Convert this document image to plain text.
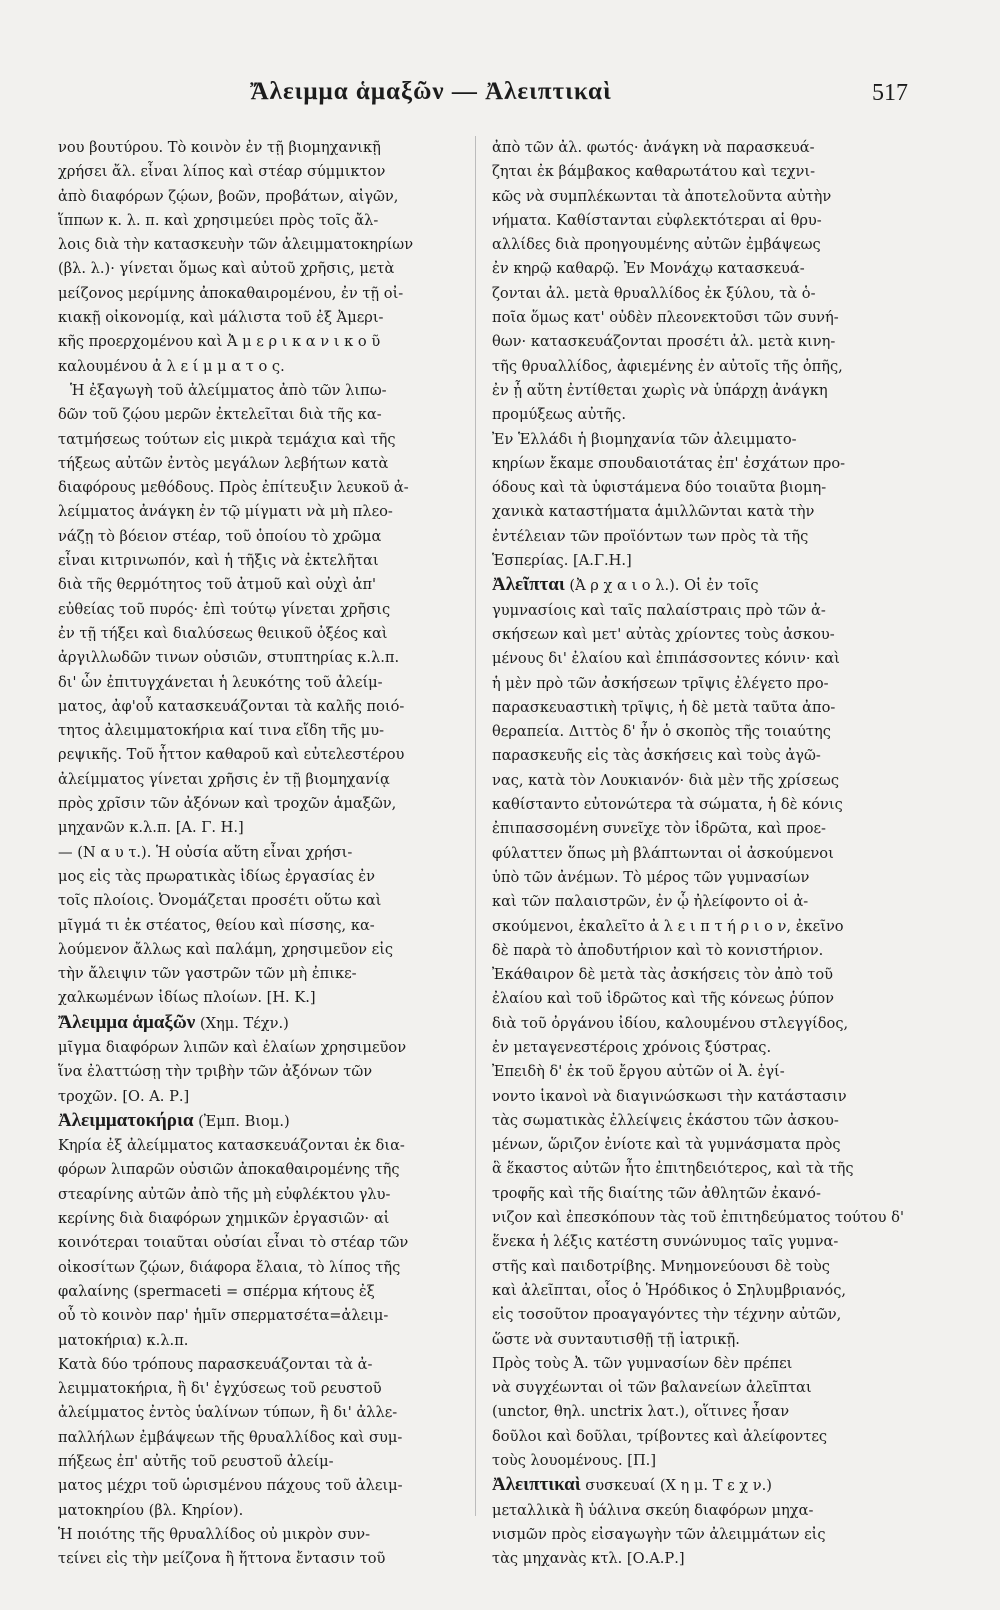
Ἄλειμμα ἁμαξῶν — Ἀλειπτικαὶ	517

νου βουτύρου. Τὸ κοινὸν ἐν τῇ βιομηχανικῇ
χρήσει ἄλ. εἶναι λίπος καὶ στέαρ σύμμικτον
ἀπὸ διαφόρων ζῴων, βοῶν, προβάτων, αἰγῶν,
ἵππων κ. λ. π. καὶ χρησιμεύει πρὸς τοῖς ἄλ-
λοις διὰ τὴν κατασκευὴν τῶν ἀλειμματοκηρίων
(βλ. λ.)· γίνεται ὅμως καὶ αὐτοῦ χρῆσις, μετὰ
μείζονος μερίμνης ἀποκαθαιρομένου, ἐν τῇ οἰ-
κιακῇ οἰκονομίᾳ, καὶ μάλιστα τοῦ ἐξ Ἀμερι-
κῆς προερχομένου καὶ Ἀ μ ε ρ ι κ α ν ι κ ο ῦ
καλουμένου ἀ λ ε ί μ μ α τ ο ς.

Ἡ ἐξαγωγὴ τοῦ ἀλείμματος ἀπὸ τῶν λιπω-
δῶν τοῦ ζῴου μερῶν ἐκτελεῖται διὰ τῆς κα-
τατμήσεως τούτων εἰς μικρὰ τεμάχια καὶ τῆς
τήξεως αὐτῶν ἐντὸς μεγάλων λεβήτων κατὰ
διαφόρους μεθόδους. Πρὸς ἐπίτευξιν λευκοῦ ἀ-
λείμματος ἀνάγκη ἐν τῷ μίγματι νὰ μὴ πλεο-
νάζῃ τὸ βόειον στέαρ, τοῦ ὁποίου τὸ χρῶμα
εἶναι κιτρινωπόν, καὶ ἡ τῆξις νὰ ἐκτελῆται
διὰ τῆς θερμότητος τοῦ ἀτμοῦ καὶ οὐχὶ ἀπ'
εὐθείας τοῦ πυρός· ἐπὶ τούτῳ γίνεται χρῆσις
ἐν τῇ τήξει καὶ διαλύσεως θειικοῦ ὀξέος καὶ
ἀργιλλωδῶν τινων οὐσιῶν, στυπτηρίας κ.λ.π.
δι' ὧν ἐπιτυγχάνεται ἡ λευκότης τοῦ ἀλείμ-
ματος, ἀφ'οὗ κατασκευάζονται τὰ καλῆς ποιό-
τητος ἀλειμματοκήρια καί τινα εἴδη τῆς μυ-
ρεψικῆς. Τοῦ ἧττον καθαροῦ καὶ εὐτελεστέρου
ἀλείμματος γίνεται χρῆσις ἐν τῇ βιομηχανίᾳ
πρὸς χρῖσιν τῶν ἀξόνων καὶ τροχῶν ἁμαξῶν,
μηχανῶν κ.λ.π. [Α. Γ. Η.]

— (Ν α υ τ.). Ἡ οὐσία αὕτη εἶναι χρήσι-
μος εἰς τὰς πρωρατικὰς ἰδίως ἐργασίας ἐν
τοῖς πλοίοις. Ὀνομάζεται προσέτι οὕτω καὶ
μῖγμά τι ἐκ στέατος, θείου καὶ πίσσης, κα-
λούμενον ἄλλως καὶ παλάμη, χρησιμεῦον εἰς
τὴν ἄλειψιν τῶν γαστρῶν τῶν μὴ ἐπικε-
χαλκωμένων ἰδίως πλοίων. [Η. Κ.]

Ἄλειμμα ἁμαξῶν (Χημ. Τέχν.)
μῖγμα διαφόρων λιπῶν καὶ ἐλαίων χρησιμεῦον
ἵνα ἐλαττώσῃ τὴν τριβὴν τῶν ἀξόνων τῶν
τροχῶν. [Ο. Α. Ρ.]
Ἀλειμματοκήρια (Ἐμπ. Βιομ.)
Κηρία ἐξ ἀλείμματος κατασκευάζονται ἐκ δια-
φόρων λιπαρῶν οὐσιῶν ἀποκαθαιρομένης τῆς
στεαρίνης αὐτῶν ἀπὸ τῆς μὴ εὐφλέκτου γλυ-
κερίνης διὰ διαφόρων χημικῶν ἐργασιῶν· αἱ
κοινότεραι τοιαῦται οὐσίαι εἶναι τὸ στέαρ τῶν
οἰκοσίτων ζῴων, διάφορα ἔλαια, τὸ λίπος τῆς
φαλαίνης (spermaceti = σπέρμα κήτους ἐξ
οὗ τὸ κοινὸν παρ' ἡμῖν σπερματσέτα=ἀλειμ-
ματοκήρια) κ.λ.π.

Κατὰ δύο τρόπους παρασκευάζονται τὰ ἀ-
λειμματοκήρια, ἢ δι' ἐγχύσεως τοῦ ρευστοῦ
ἀλείμματος ἐντὸς ὑαλίνων τύπων, ἢ δι' ἀλλε-
παλλήλων ἐμβάψεων τῆς θρυαλλίδος καὶ συμ-
πήξεως ἐπ' αὐτῆς τοῦ ρευστοῦ ἀλείμ-
ματος μέχρι τοῦ ὡρισμένου πάχους τοῦ ἀλειμ-
ματοκηρίου (βλ. Κηρίον).

Ἡ ποιότης τῆς θρυαλλίδος οὐ μικρὸν συν-
τείνει εἰς τὴν μείζονα ἢ ἥττονα ἔντασιν τοῦ

ἀπὸ τῶν ἀλ. φωτός· ἀνάγκη νὰ παρασκευά-
ζηται ἐκ βάμβακος καθαρωτάτου καὶ τεχνι-
κῶς νὰ συμπλέκωνται τὰ ἀποτελοῦντα αὐτὴν
νήματα. Καθίστανται εὐφλεκτότεραι αἱ θρυ-
αλλίδες διὰ προηγουμένης αὐτῶν ἐμβάψεως
ἐν κηρῷ καθαρῷ. Ἐν Μονάχῳ κατασκευά-
ζονται ἀλ. μετὰ θρυαλλίδος ἐκ ξύλου, τὰ ὁ-
ποῖα ὅμως κατ' οὐδὲν πλεονεκτοῦσι τῶν συνή-
θων· κατασκευάζονται προσέτι ἀλ. μετὰ κινη-
τῆς θρυαλλίδος, ἀφιεμένης ἐν αὐτοῖς τῆς ὀπῆς,
ἐν ᾗ αὕτη ἐντίθεται χωρὶς νὰ ὑπάρχῃ ἀνάγκη
προμύξεως αὐτῆς.

Ἐν Ἑλλάδι ἡ βιομηχανία τῶν ἀλειμματο-
κηρίων ἔκαμε σπουδαιοτάτας ἐπ' ἐσχάτων προ-
όδους καὶ τὰ ὑφιστάμενα δύο τοιαῦτα βιομη-
χανικὰ καταστήματα ἁμιλλῶνται κατὰ τὴν
ἐντέλειαν τῶν προϊόντων των πρὸς τὰ τῆς
Ἑσπερίας. [Α.Γ.Η.]

Ἀλεῖπται (Ἀ ρ χ α ι ο λ.). Οἱ ἐν τοῖς
γυμνασίοις καὶ ταῖς παλαίστραις πρὸ τῶν ἀ-
σκήσεων καὶ μετ' αὐτὰς χρίοντες τοὺς ἀσκου-
μένους δι' ἐλαίου καὶ ἐπιπάσσοντες κόνιν· καὶ
ἡ μὲν πρὸ τῶν ἀσκήσεων τρῖψις ἐλέγετο προ-
παρασκευαστικὴ τρῖψις, ἡ δὲ μετὰ ταῦτα ἀπο-
θεραπεία. Διττὸς δ' ἦν ὁ σκοπὸς τῆς τοιαύτης
παρασκευῆς εἰς τὰς ἀσκήσεις καὶ τοὺς ἀγῶ-
νας, κατὰ τὸν Λουκιανόν· διὰ μὲν τῆς χρίσεως
καθίσταντο εὐτονώτερα τὰ σώματα, ἡ δὲ κόνις
ἐπιπασσομένη συνεῖχε τὸν ἱδρῶτα, καὶ προε-
φύλαττεν ὅπως μὴ βλάπτωνται οἱ ἀσκούμενοι
ὑπὸ τῶν ἀνέμων. Τὸ μέρος τῶν γυμνασίων
καὶ τῶν παλαιστρῶν, ἐν ᾧ ἠλείφοντο οἱ ἀ-
σκούμενοι, ἐκαλεῖτο ἀ λ ε ι π τ ή ρ ι ο ν, ἐκεῖνο
δὲ παρὰ τὸ ἀποδυτήριον καὶ τὸ κονιστήριον.
Ἐκάθαιρον δὲ μετὰ τὰς ἀσκήσεις τὸν ἀπὸ τοῦ
ἐλαίου καὶ τοῦ ἱδρῶτος καὶ τῆς κόνεως ῥύπον
διὰ τοῦ ὀργάνου ἰδίου, καλουμένου στλεγγίδος,
ἐν μεταγενεστέροις χρόνοις ξύστρας.

Ἐπειδὴ δ' ἐκ τοῦ ἔργου αὐτῶν οἱ Ἀ. ἐγί-
νοντο ἱκανοὶ νὰ διαγινώσκωσι τὴν κατάστασιν
τὰς σωματικὰς ἐλλείψεις ἑκάστου τῶν ἀσκου-
μένων, ὥριζον ἐνίοτε καὶ τὰ γυμνάσματα πρὸς
ἃ ἕκαστος αὐτῶν ἦτο ἐπιτηδειότερος, καὶ τὰ τῆς
τροφῆς καὶ τῆς διαίτης τῶν ἀθλητῶν ἐκανό-
νιζον καὶ ἐπεσκόπουν τὰς τοῦ ἐπιτηδεύματος τούτου δ'
ἕνεκα ἡ λέξις κατέστη συνώνυμος ταῖς γυμνα-
στῆς καὶ παιδοτρίβης. Μνημονεύουσι δὲ τοὺς
καὶ ἀλεῖπται, οἷος ὁ Ἡρόδικος ὁ Σηλυμβριανός,
εἰς τοσοῦτον προαγαγόντες τὴν τέχνην αὐτῶν,
ὥστε νὰ συνταυτισθῇ τῇ ἰατρικῇ.

Πρὸς τοὺς Ἀ. τῶν γυμνασίων δὲν πρέπει
νὰ συγχέωνται οἱ τῶν βαλανείων ἀλεῖπται
(unctor, θηλ. unctrix λατ.), οἵτινες ἦσαν
δοῦλοι καὶ δοῦλαι, τρίβοντες καὶ ἀλείφοντες
τοὺς λουομένους. [Π.]

Ἀλειπτικαὶ συσκευαί (Χ η μ. Τ ε χ ν.)
μεταλλικὰ ἢ ὑάλινα σκεύη διαφόρων μηχα-
νισμῶν πρὸς εἰσαγωγὴν τῶν ἀλειμμάτων εἰς
τὰς μηχανὰς κτλ. [Ο.Α.Ρ.]
